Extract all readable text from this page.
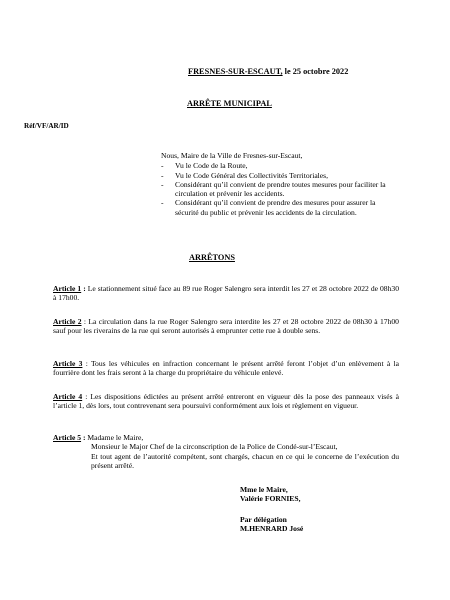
FRESNES-SUR-ESCAUT, le 25 octobre 2022
ARRÊTE MUNICIPAL
Réf/VF/AR/ID
Nous, Maire de la Ville de Fresnes-sur-Escaut,
- Vu le Code de la Route,
- Vu le Code Général des Collectivités Territoriales,
- Considérant qu’il convient de prendre toutes mesures pour faciliter la circulation et prévenir les accidents.
- Considérant qu’il convient de prendre des mesures pour assurer la sécurité du public et prévenir les accidents de la circulation.
ARRÊTONS
Article 1 : Le stationnement situé face au 89 rue Roger Salengro sera interdit les 27 et 28 octobre 2022 de 08h30 à 17h00.
Article 2 : La circulation dans la rue Roger Salengro sera interdite les 27 et 28 octobre 2022 de 08h30 à 17h00 sauf pour les riverains de la rue qui seront autorisés à emprunter cette rue à double sens.
Article 3 : Tous les véhicules en infraction concernant le présent arrêté feront l’objet d’un enlèvement à la fourrière dont les frais seront à la charge du propriétaire du véhicule enlevé.
Article 4 : Les dispositions édictées au présent arrêté entreront en vigueur dès la pose des panneaux visés à l’article 1, dès lors, tout contrevenant sera poursuivi conformément aux lois et règlement en vigueur.
Article 5 : Madame le Maire,
Monsieur le Major Chef de la circonscription de la Police de Condé-sur-l’Escaut,
Et tout agent de l’autorité compétent, sont chargés, chacun en ce qui le concerne de l’exécution du présent arrêté.
Mme le Maire,
Valérie FORNIES,
Par délégation
M.HENRARD José
